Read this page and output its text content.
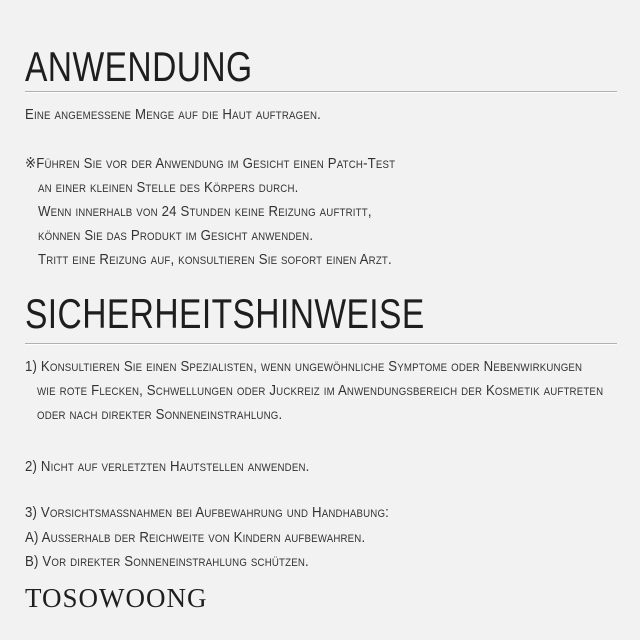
ANWENDUNG

Eine angemessene Menge auf die Haut auftragen.

※Führen Sie vor der Anwendung im Gesicht einen Patch-Test
an einer kleinen Stelle des Körpers durch.
Wenn innerhalb von 24 Stunden keine Reizung auftritt,
können Sie das Produkt im Gesicht anwenden.
Tritt eine Reizung auf, konsultieren Sie sofort einen Arzt.
SICHERHEITSHINWEISE
1) Konsultieren Sie einen Spezialisten, wenn ungewöhnliche Symptome oder Nebenwirkungen
wie rote Flecken, Schwellungen oder Juckreiz im Anwendungsbereich der Kosmetik auftreten
oder nach direkter Sonneneinstrahlung.
2) Nicht auf verletzten Hautstellen anwenden.
3) Vorsichtsmaßnahmen bei Aufbewahrung und Handhabung:
A) Außerhalb der Reichweite von Kindern aufbewahren.
B) Vor direkter Sonneneinstrahlung schützen.
TOSOWOONG
